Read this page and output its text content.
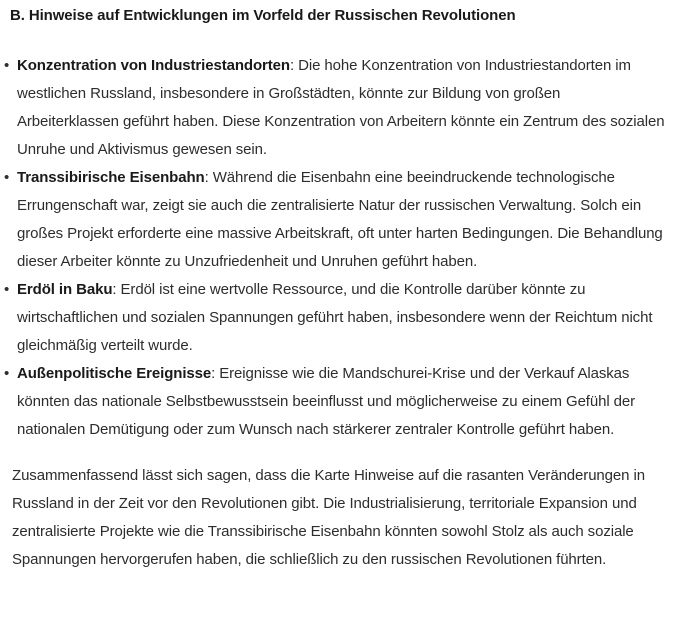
B. Hinweise auf Entwicklungen im Vorfeld der Russischen Revolutionen
• Konzentration von Industriestandorten: Die hohe Konzentration von Industriestandorten im westlichen Russland, insbesondere in Großstädten, könnte zur Bildung von großen Arbeiterklassen geführt haben. Diese Konzentration von Arbeitern könnte ein Zentrum des sozialen Unruhe und Aktivismus gewesen sein.
• Transsibirische Eisenbahn: Während die Eisenbahn eine beeindruckende technologische Errungenschaft war, zeigt sie auch die zentralisierte Natur der russischen Verwaltung. Solch ein großes Projekt erforderte eine massive Arbeitskraft, oft unter harten Bedingungen. Die Behandlung dieser Arbeiter könnte zu Unzufriedenheit und Unruhen geführt haben.
• Erdöl in Baku: Erdöl ist eine wertvolle Ressource, und die Kontrolle darüber könnte zu wirtschaftlichen und sozialen Spannungen geführt haben, insbesondere wenn der Reichtum nicht gleichmäßig verteilt wurde.
• Außenpolitische Ereignisse: Ereignisse wie die Mandschurei-Krise und der Verkauf Alaskas könnten das nationale Selbstbewusstsein beeinflusst und möglicherweise zu einem Gefühl der nationalen Demütigung oder zum Wunsch nach stärkerer zentraler Kontrolle geführt haben.

Zusammenfassend lässt sich sagen, dass die Karte Hinweise auf die rasanten Veränderungen in Russland in der Zeit vor den Revolutionen gibt. Die Industrialisierung, territoriale Expansion und zentralisierte Projekte wie die Transsibirische Eisenbahn könnten sowohl Stolz als auch soziale Spannungen hervorgerufen haben, die schließlich zu den russischen Revolutionen führten.
